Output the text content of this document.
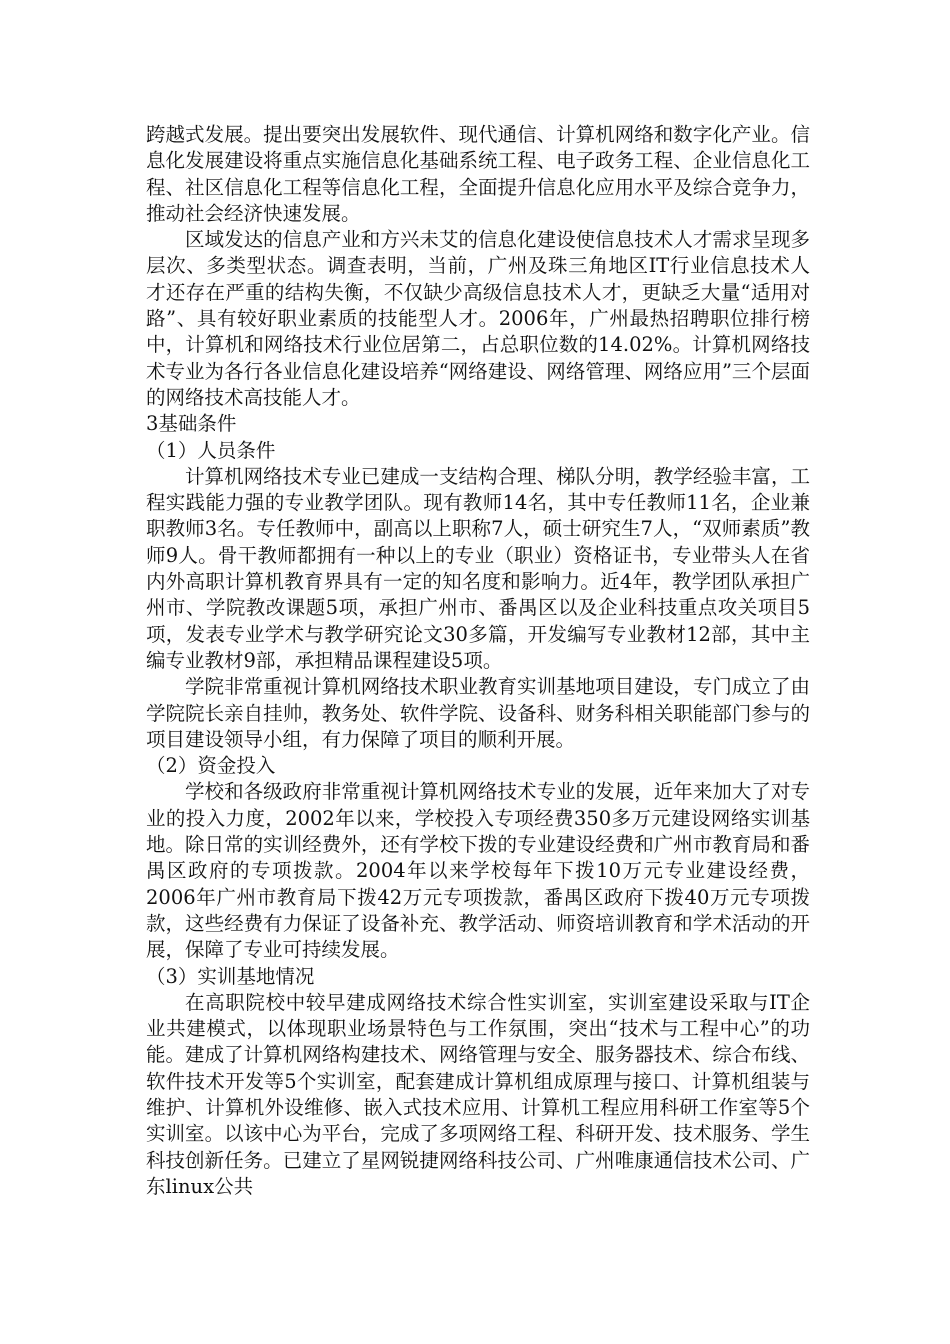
跨越式发展。提出要突出发展软件、现代通信、计算机网络和数字化产业。信息化发展建设将重点实施信息化基础系统工程、电子政务工程、企业信息化工程、社区信息化工程等信息化工程，全面提升信息化应用水平及综合竞争力，推动社会经济快速发展。

区域发达的信息产业和方兴未艾的信息化建设使信息技术人才需求呈现多层次、多类型状态。调查表明，当前，广州及珠三角地区IT行业信息技术人才还存在严重的结构失衡，不仅缺少高级信息技术人才，更缺乏大量“适用对路”、具有较好职业素质的技能型人才。2006年，广州最热招聘职位排行榜中，计算机和网络技术行业位居第二，占总职位数的14.02%。计算机网络技术专业为各行各业信息化建设培养“网络建设、网络管理、网络应用”三个层面的网络技术高技能人才。

3基础条件

（1）人员条件

计算机网络技术专业已建成一支结构合理、梯队分明，教学经验丰富，工程实践能力强的专业教学团队。现有教师14名，其中专任教师11名，企业兼职教师3名。专任教师中，副高以上职称7人，硕士研究生7人，“双师素质”教师9人。骨干教师都拥有一种以上的专业（职业）资格证书，专业带头人在省内外高职计算机教育界具有一定的知名度和影响力。近4年，教学团队承担广州市、学院教改课题5项，承担广州市、番禺区以及企业科技重点攻关项目5项，发表专业学术与教学研究论文30多篇，开发编写专业教材12部，其中主编专业教材9部，承担精品课程建设5项。

学院非常重视计算机网络技术职业教育实训基地项目建设，专门成立了由学院院长亲自挂帅，教务处、软件学院、设备科、财务科相关职能部门参与的项目建设领导小组，有力保障了项目的顺利开展。

（2）资金投入

学校和各级政府非常重视计算机网络技术专业的发展，近年来加大了对专业的投入力度，2002年以来，学校投入专项经费350多万元建设网络实训基地。除日常的实训经费外，还有学校下拨的专业建设经费和广州市教育局和番禺区政府的专项拨款。2004年以来学校每年下拨10万元专业建设经费，2006年广州市教育局下拨42万元专项拨款，番禺区政府下拨40万元专项拨款，这些经费有力保证了设备补充、教学活动、师资培训教育和学术活动的开展，保障了专业可持续发展。

（3）实训基地情况

在高职院校中较早建成网络技术综合性实训室，实训室建设采取与IT企业共建模式，以体现职业场景特色与工作氛围，突出“技术与工程中心”的功能。建成了计算机网络构建技术、网络管理与安全、服务器技术、综合布线、软件技术开发等5个实训室，配套建成计算机组成原理与接口、计算机组装与维护、计算机外设维修、嵌入式技术应用、计算机工程应用科研工作室等5个实训室。以该中心为平台，完成了多项网络工程、科研开发、技术服务、学生科技创新任务。已建立了星网锐捷网络科技公司、广州唯康通信技术公司、广东linux公共
